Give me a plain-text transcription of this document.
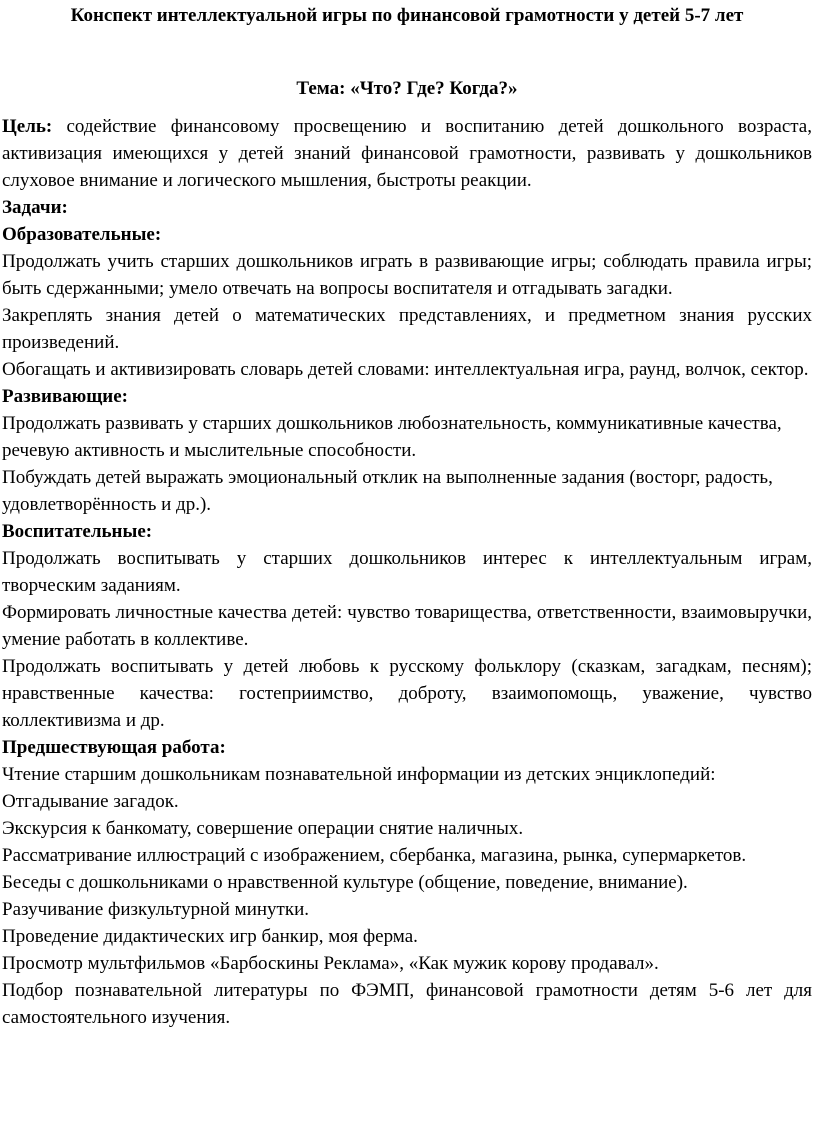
Конспект интеллектуальной игры по финансовой грамотности у детей 5-7 лет
Тема: «Что? Где? Когда?»

Цель: содействие финансовому просвещению и воспитанию детей дошкольного возраста, активизация имеющихся у детей знаний финансовой грамотности, развивать у дошкольников слуховое внимание и логического мышления, быстроты реакции.

Задачи:
Образовательные:

Продолжать учить старших дошкольников играть в развивающие игры; соблюдать правила игры; быть сдержанными; умело отвечать на вопросы воспитателя и отгадывать загадки.

Закреплять знания детей о математических представлениях, и предметном знания русских произведений.

Обогащать и активизировать словарь детей словами: интеллектуальная игра, раунд, волчок, сектор.

Развивающие:

Продолжать развивать у старших дошкольников любознательность, коммуникативные качества, речевую активность и мыслительные способности.

Побуждать детей выражать эмоциональный отклик на выполненные задания (восторг, радость, удовлетворённость и др.).

Воспитательные:

Продолжать воспитывать у старших дошкольников интерес к интеллектуальным играм, творческим заданиям.

Формировать личностные качества детей: чувство товарищества, ответственности, взаимовыручки, умение работать в коллективе.

Продолжать воспитывать у детей любовь к русскому фольклору (сказкам, загадкам, песням); нравственные качества: гостеприимство, доброту, взаимопомощь, уважение, чувство коллективизма и др.

Предшествующая работа:

Чтение старшим дошкольникам познавательной информации из детских энциклопедий:

Отгадывание загадок.

Экскурсия к банкомату, совершение операции снятие наличных.

Рассматривание иллюстраций с изображением, сбербанка, магазина, рынка, супермаркетов.

Беседы с дошкольниками о нравственной культуре (общение, поведение, внимание).

Разучивание физкультурной минутки.

Проведение дидактических игр банкир, моя ферма.

Просмотр мультфильмов «Барбоскины Реклама», «Как мужик корову продавал».

Подбор познавательной литературы по ФЭМП, финансовой грамотности детям 5-6 лет для самостоятельного изучения.
